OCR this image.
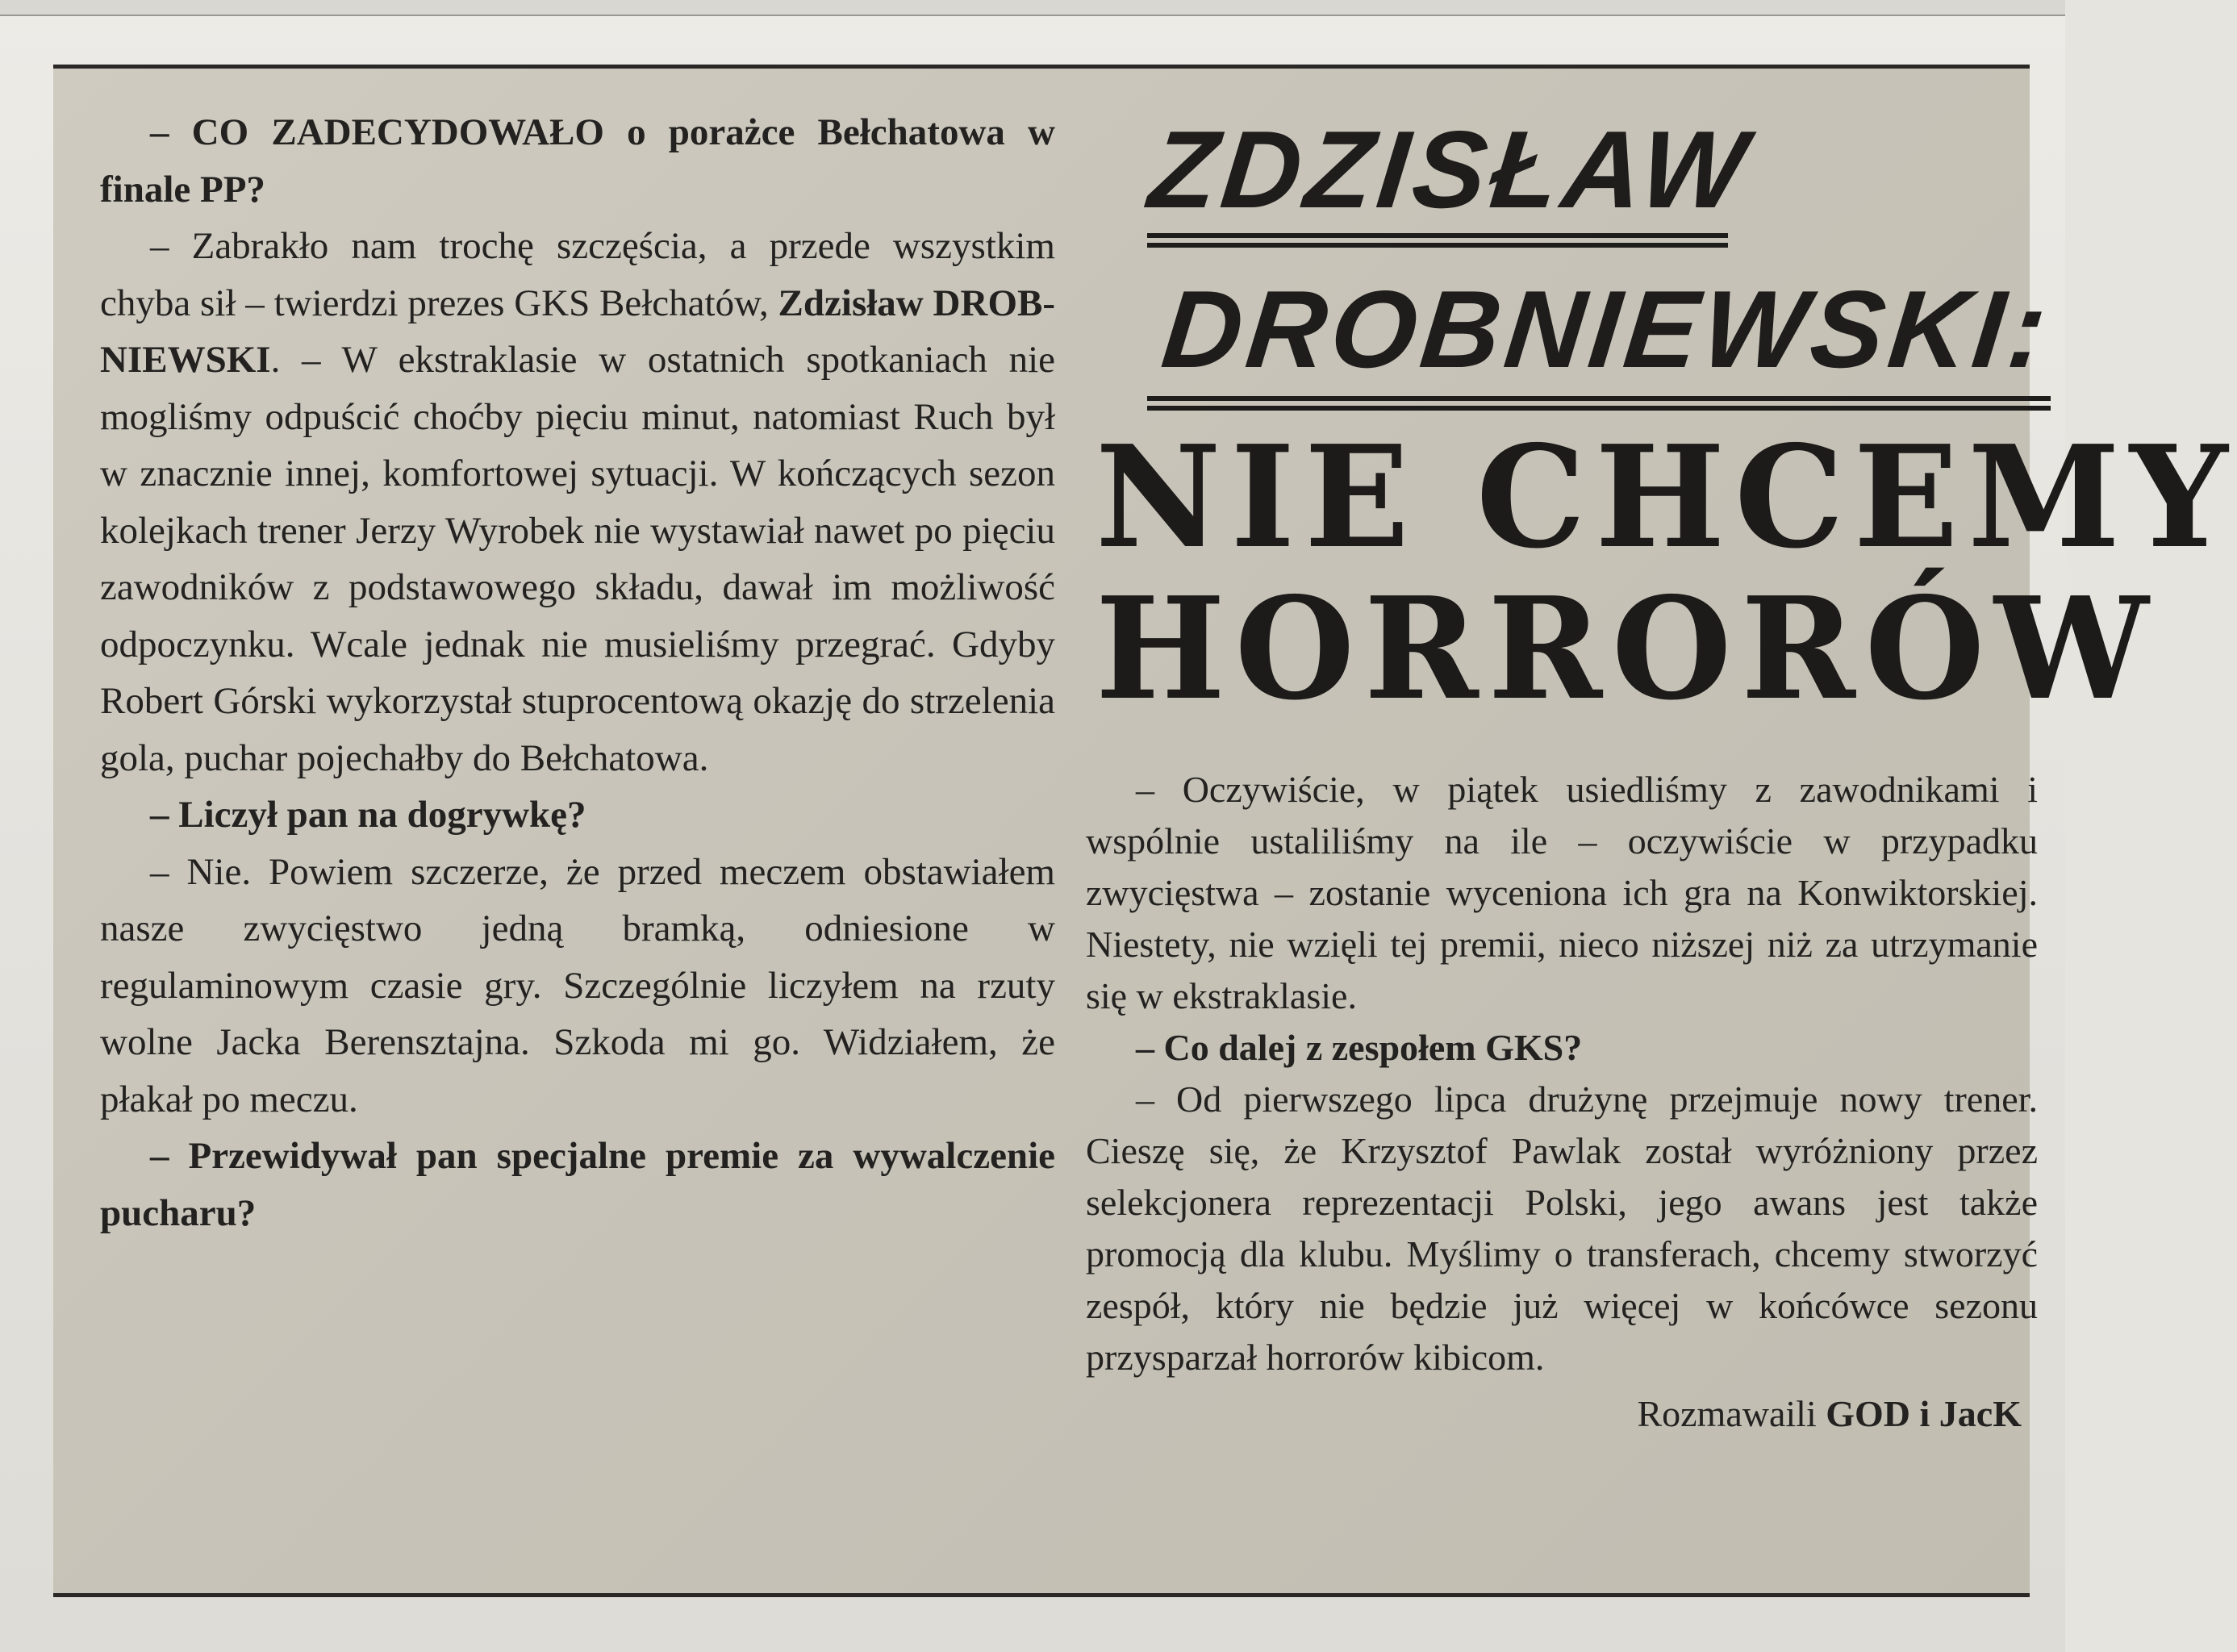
– CO ZADECYDOWAŁO o porażce Bełchatowa w finale PP?

– Zabrakło nam trochę szczęścia, a przede wszystkim chyba sił – twierdzi prezes GKS Bełchatów, Zdzisław DROB-NIEWSKI. – W ekstraklasie w ostatnich spotkaniach nie mogliśmy odpuścić choćby pięciu minut, natomiast Ruch był w znacznie innej, komfortowej sytuacji. W kończących sezon kolejkach trener Jerzy Wyrobek nie wystawiał nawet po pięciu zawodników z podstawowego składu, dawał im możliwość odpoczynku. Wcale jednak nie musieliśmy przegrać. Gdyby Robert Górski wykorzystał stuprocentową okazję do strzelenia gola, puchar pojechałby do Bełchatowa.

– Liczył pan na dogrywkę?

– Nie. Powiem szczerze, że przed meczem obstawiałem nasze zwycięstwo jedną bramką, odniesione w regulaminowym czasie gry. Szczególnie liczyłem na rzuty wolne Jacka Berensztajna. Szkoda mi go. Widziałem, że płakał po meczu.

– Przewidywał pan specjalne premie za wywalczenie pucharu?

ZDZISŁAW
DROBNIEWSKI:
NIE CHCEMY
HORRORÓW

– Oczywiście, w piątek usiedliśmy z zawodnikami i wspólnie ustaliliśmy na ile – oczywiście w przypadku zwycięstwa – zostanie wyceniona ich gra na Konwiktorskiej. Niestety, nie wzięli tej premii, nieco niższej niż za utrzymanie się w ekstraklasie.

– Co dalej z zespołem GKS?

– Od pierwszego lipca drużynę przejmuje nowy trener. Cieszę się, że Krzysztof Pawlak został wyróżniony przez selekcjonera reprezentacji Polski, jego awans jest także promocją dla klubu. Myślimy o transferach, chcemy stworzyć zespół, który nie będzie już więcej w końcówce sezonu przysparzał horrorów kibicom.

Rozmawaili GOD i JacK
